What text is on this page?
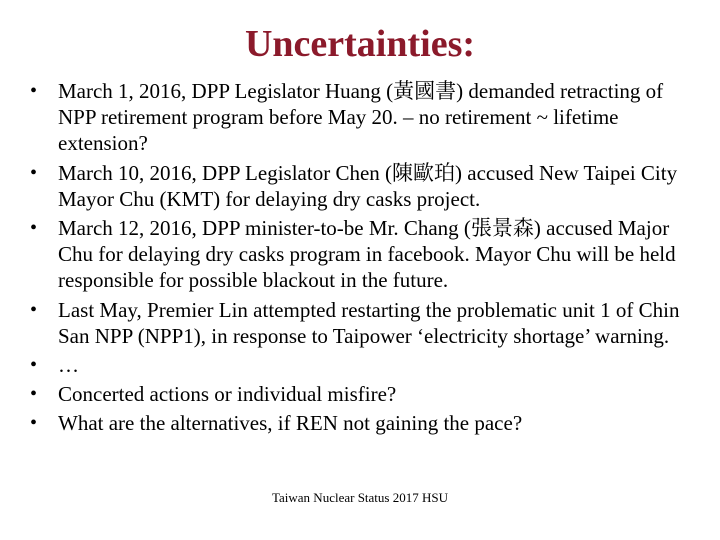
Uncertainties:
• March 1, 2016, DPP Legislator Huang (黃國書) demanded retracting of NPP retirement program before May 20. – no retirement ~ lifetime extension?
• March 10, 2016, DPP Legislator Chen (陳歐珀) accused New Taipei City Mayor Chu (KMT) for delaying dry casks project.
• March 12, 2016, DPP minister-to-be Mr. Chang (張景森) accused Major Chu for delaying dry casks program in facebook. Mayor Chu will be held responsible for possible blackout in the future.
• Last May, Premier Lin attempted restarting the problematic unit 1 of Chin San NPP (NPP1), in response to Taipower ‘electricity shortage’ warning.
• …
• Concerted actions or individual misfire?
• What are the alternatives, if REN not gaining the pace?
Taiwan Nuclear Status 2017 HSU
